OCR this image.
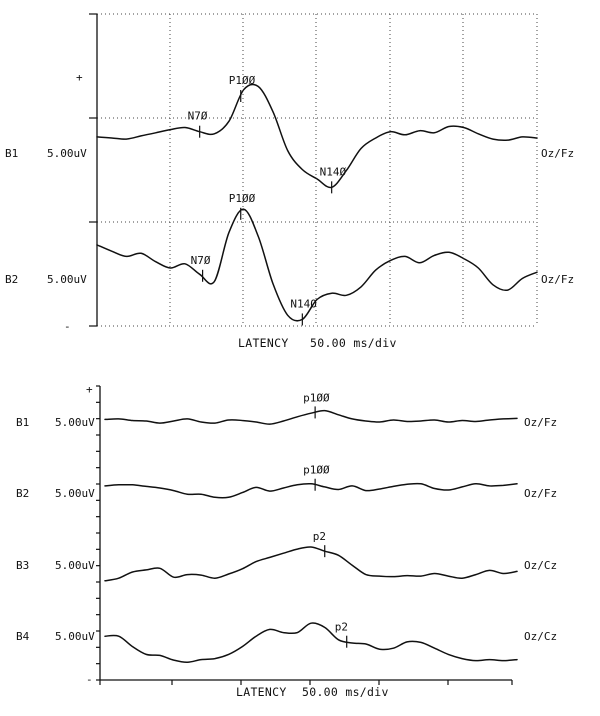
+
-
B1	5.00uV	Oz/Fz
N7Ø
P1ØØ
N14Ø
B2	5.00uV	Oz/Fz
N7Ø
P1ØØ
N14Ø
LATENCY 50.00 ms/div
+
-
B1 5.00uV	Oz/Fz
p1ØØ
B2 5.00uV	Oz/Fz
p1ØØ
B3 5.00uV	Oz/Cz
p2
B4 5.00uV	Oz/Cz
p2
LATENCY 50.00 ms/div
